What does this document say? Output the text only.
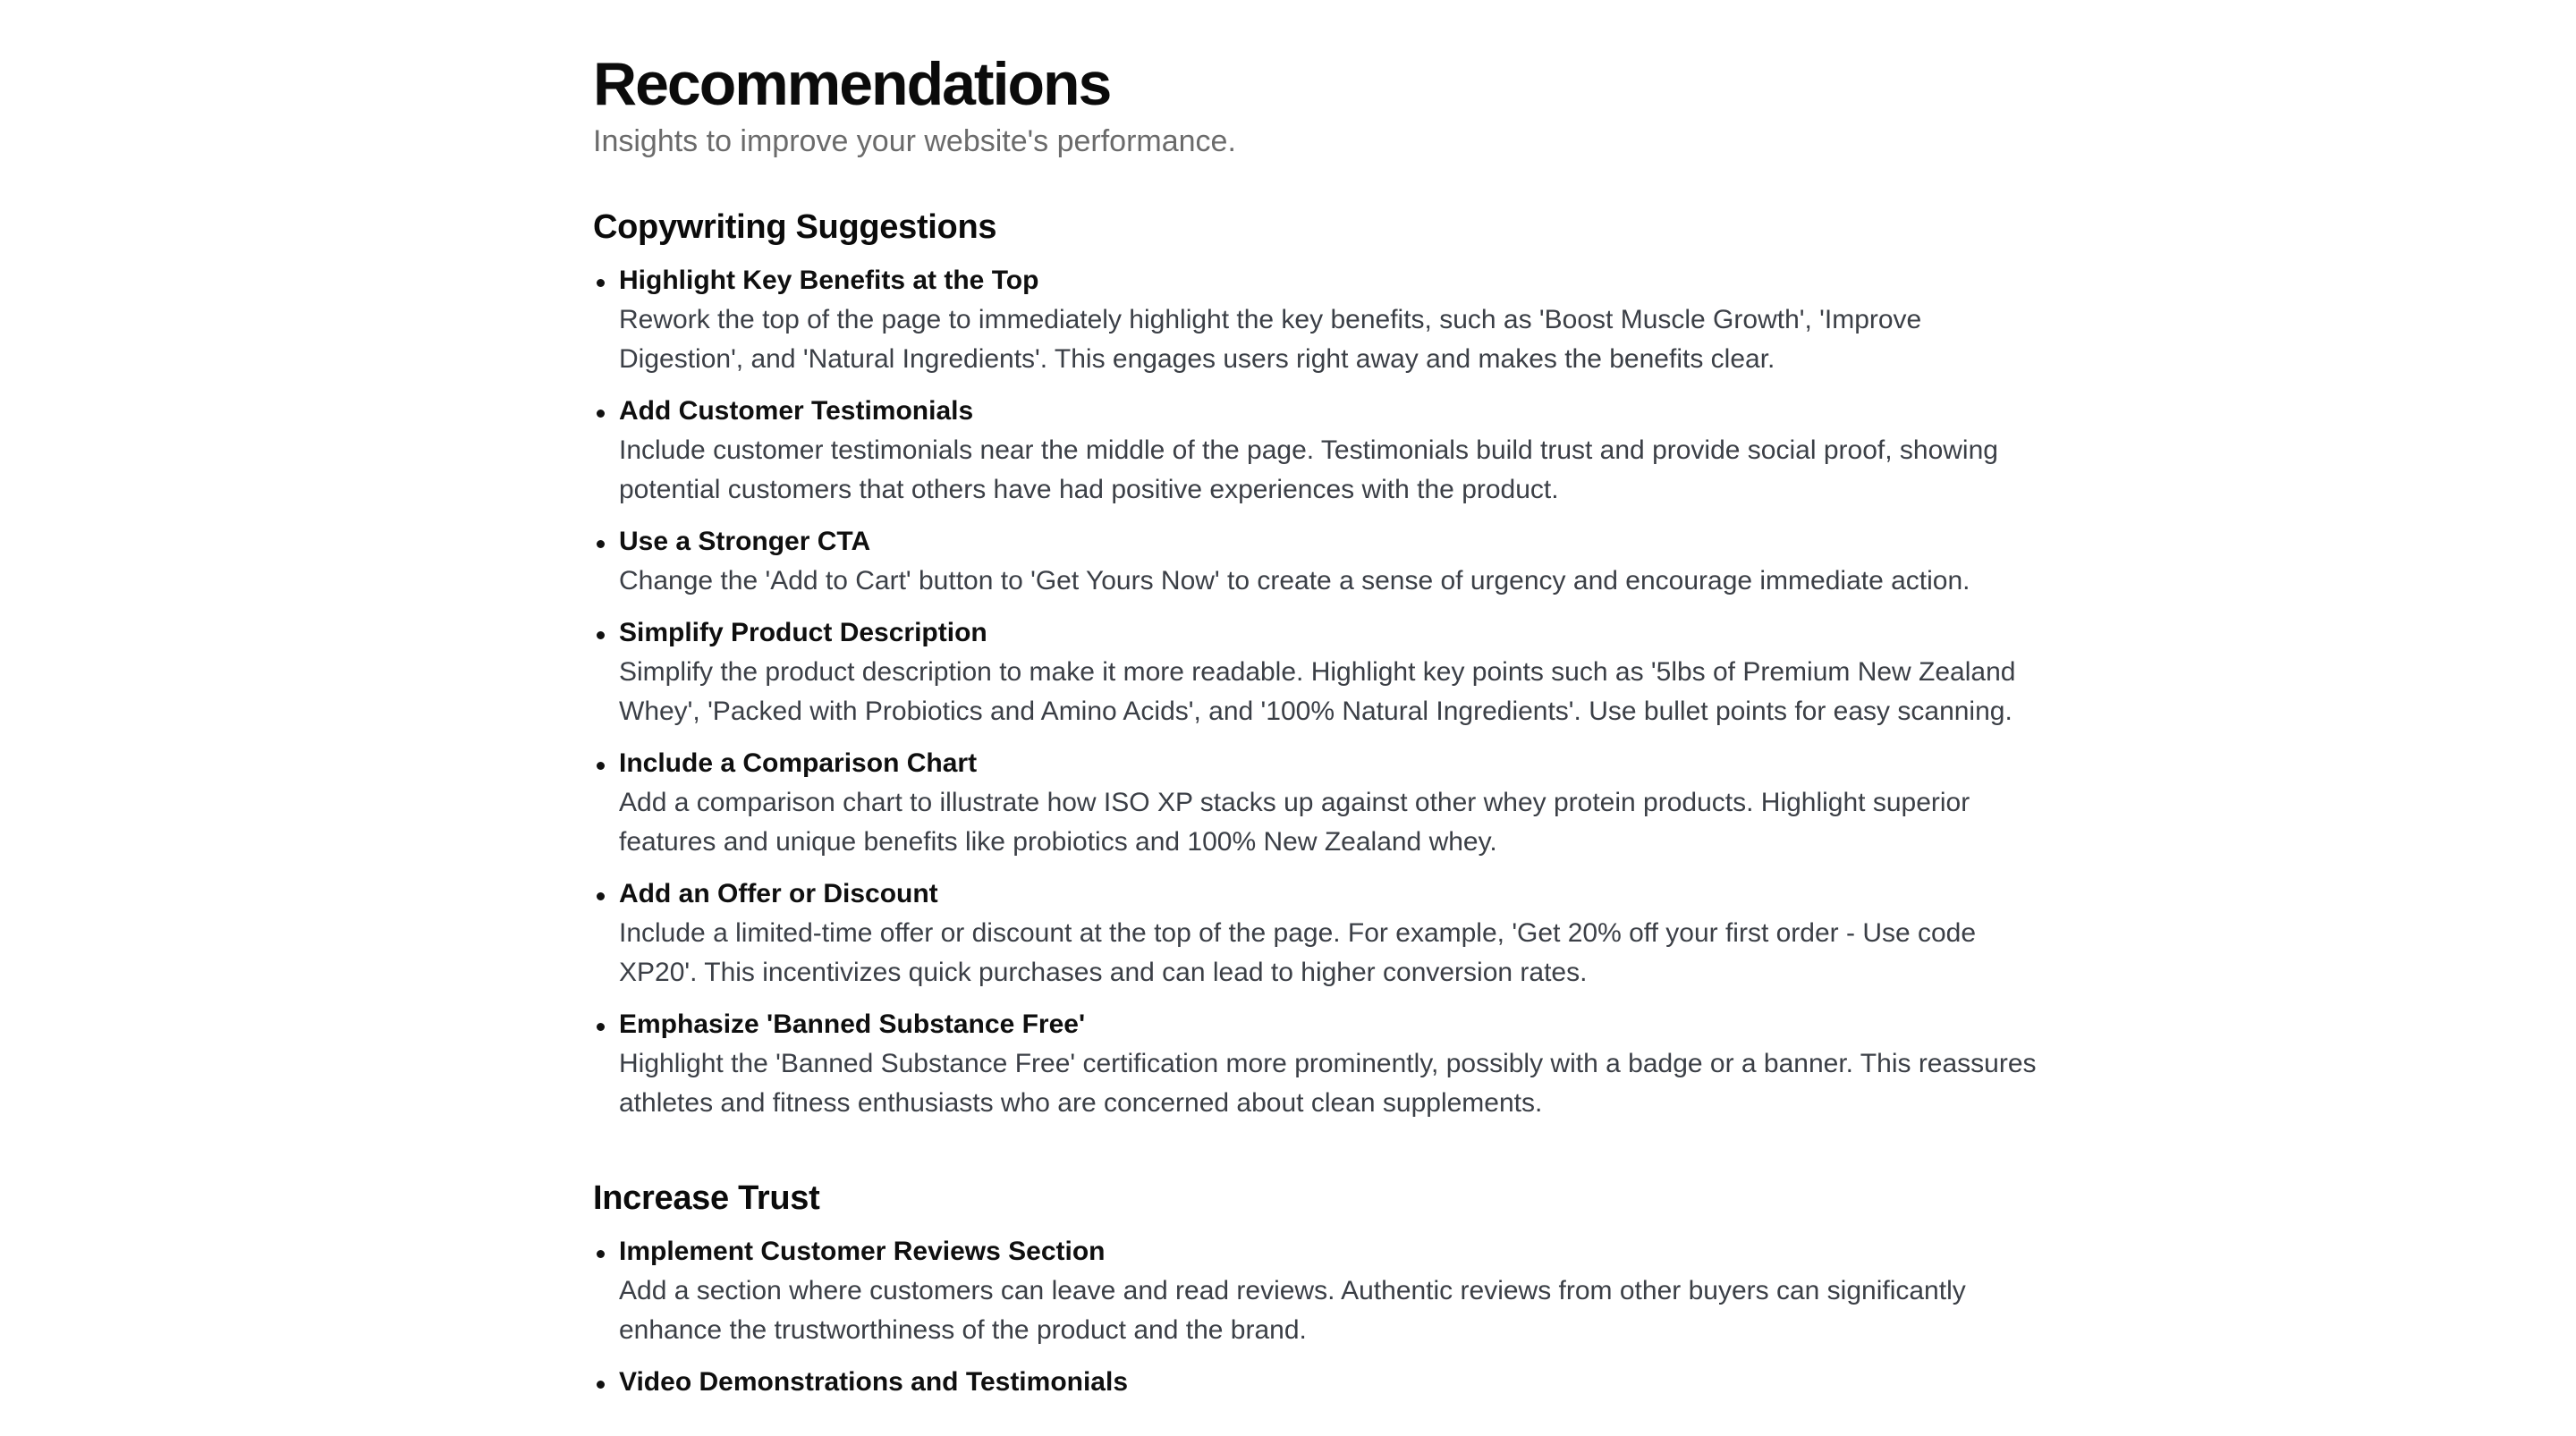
Recommendations

Insights to improve your website's performance.

Copywriting Suggestions
Highlight Key Benefits at the Top
Rework the top of the page to immediately highlight the key benefits, such as 'Boost Muscle Growth', 'Improve Digestion', and 'Natural Ingredients'. This engages users right away and makes the benefits clear.
Add Customer Testimonials
Include customer testimonials near the middle of the page. Testimonials build trust and provide social proof, showing potential customers that others have had positive experiences with the product.
Use a Stronger CTA
Change the 'Add to Cart' button to 'Get Yours Now' to create a sense of urgency and encourage immediate action.
Simplify Product Description
Simplify the product description to make it more readable. Highlight key points such as '5lbs of Premium New Zealand Whey', 'Packed with Probiotics and Amino Acids', and '100% Natural Ingredients'. Use bullet points for easy scanning.
Include a Comparison Chart
Add a comparison chart to illustrate how ISO XP stacks up against other whey protein products. Highlight superior features and unique benefits like probiotics and 100% New Zealand whey.
Add an Offer or Discount
Include a limited-time offer or discount at the top of the page. For example, 'Get 20% off your first order - Use code XP20'. This incentivizes quick purchases and can lead to higher conversion rates.
Emphasize 'Banned Substance Free'
Highlight the 'Banned Substance Free' certification more prominently, possibly with a badge or a banner. This reassures athletes and fitness enthusiasts who are concerned about clean supplements.
Increase Trust
Implement Customer Reviews Section
Add a section where customers can leave and read reviews. Authentic reviews from other buyers can significantly enhance the trustworthiness of the product and the brand.
Video Demonstrations and Testimonials
